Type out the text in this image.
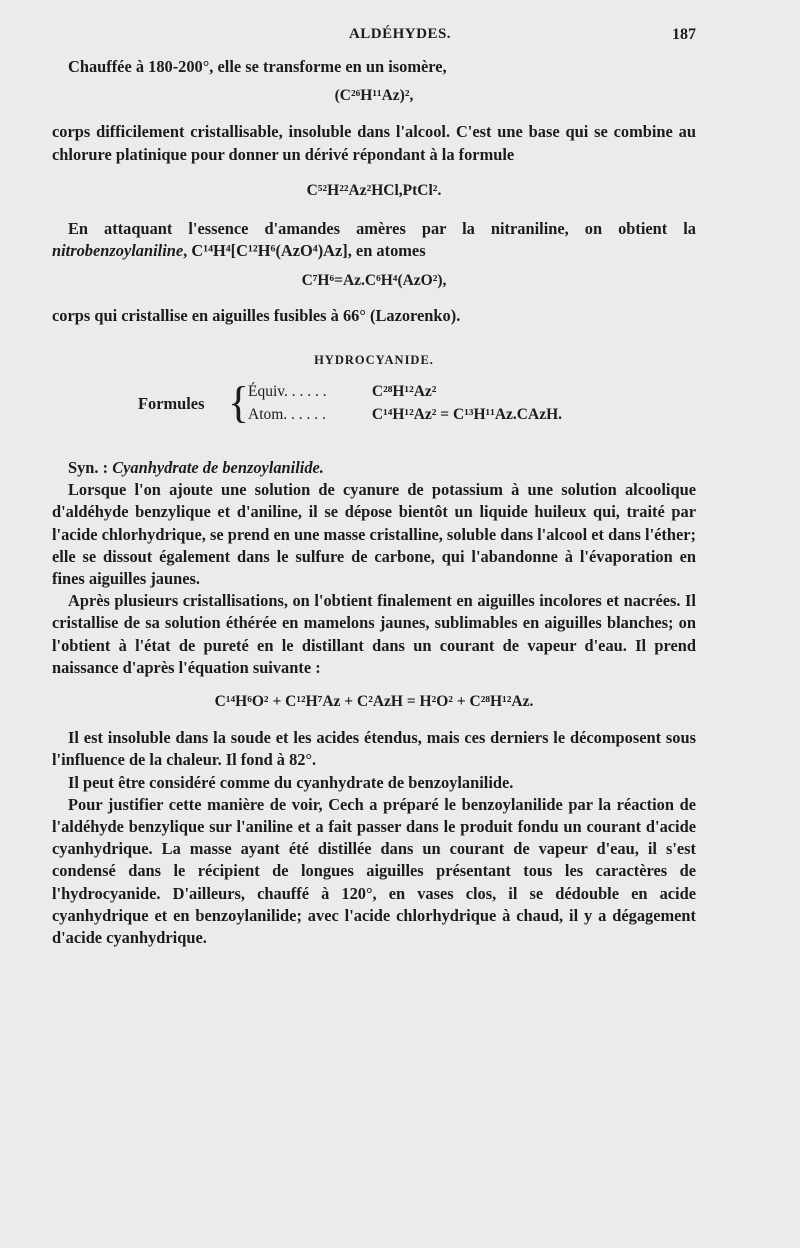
ALDÉHYDES.	187

Chauffée à 180-200°, elle se transforme en un isomère,

(C²⁶H¹¹Az)²,

corps difficilement cristallisable, insoluble dans l'alcool. C'est une base qui se combine au chlorure platinique pour donner un dérivé répondant à la formule

C⁵²H²²Az²HCl,PtCl².

En attaquant l'essence d'amandes amères par la nitraniline, on obtient la nitrobenzoylaniline, C¹⁴H⁴[C¹²H⁶(AzO⁴)Az], en atomes

C⁷H⁶=Az.C⁶H⁴(AzO²),

corps qui cristallise en aiguilles fusibles à 66° (Lazorenko).

HYDROCYANIDE.
Formules {
Équiv. . . . . .	C²⁸H¹²Az²
Atom. . . . . .	C¹⁴H¹²Az² = C¹³H¹¹Az.CAzH.

Syn. : Cyanhydrate de benzoylanilide.

Lorsque l'on ajoute une solution de cyanure de potassium à une solution alcoolique d'aldéhyde benzylique et d'aniline, il se dépose bientôt un liquide huileux qui, traité par l'acide chlorhydrique, se prend en une masse cristalline, soluble dans l'alcool et dans l'éther; elle se dissout également dans le sulfure de carbone, qui l'abandonne à l'évaporation en fines aiguilles jaunes.

Après plusieurs cristallisations, on l'obtient finalement en aiguilles incolores et nacrées. Il cristallise de sa solution éthérée en mamelons jaunes, sublimables en aiguilles blanches; on l'obtient à l'état de pureté en le distillant dans un courant de vapeur d'eau. Il prend naissance d'après l'équation suivante :

C¹⁴H⁶O² + C¹²H⁷Az + C²AzH = H²O² + C²⁸H¹²Az.

Il est insoluble dans la soude et les acides étendus, mais ces derniers le décomposent sous l'influence de la chaleur. Il fond à 82°.

Il peut être considéré comme du cyanhydrate de benzoylanilide.

Pour justifier cette manière de voir, Cech a préparé le benzoylanilide par la réaction de l'aldéhyde benzylique sur l'aniline et a fait passer dans le produit fondu un courant d'acide cyanhydrique. La masse ayant été distillée dans un courant de vapeur d'eau, il s'est condensé dans le récipient de longues aiguilles présentant tous les caractères de l'hydrocyanide. D'ailleurs, chauffé à 120°, en vases clos, il se dédouble en acide cyanhydrique et en benzoylanilide; avec l'acide chlorhydrique à chaud, il y a dégagement d'acide cyanhydrique.
